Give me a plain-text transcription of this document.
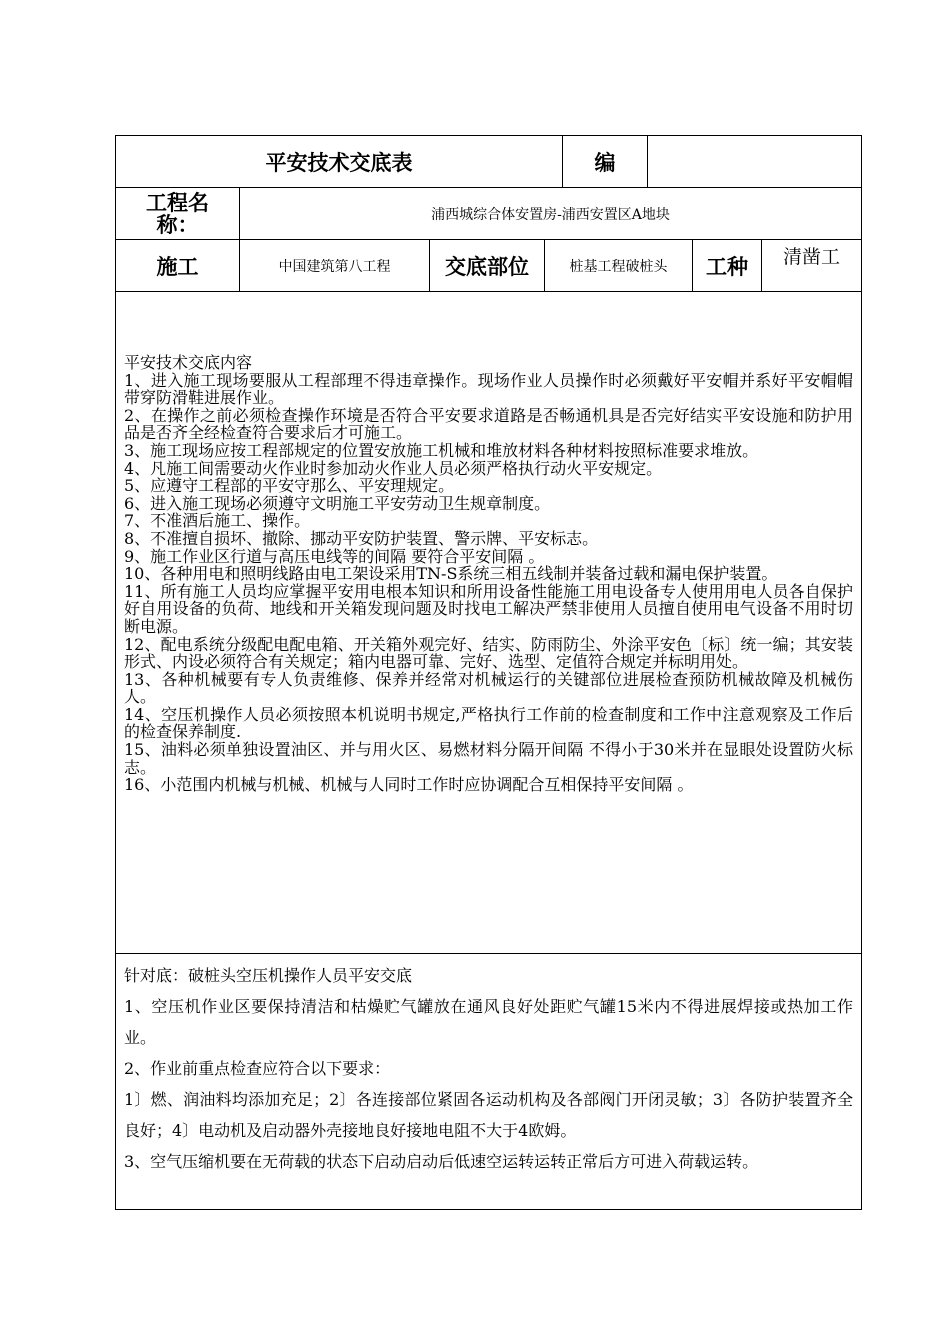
平安技术交底表	编
工程名称：	浦西城综合体安置房-浦西安置区A地块
施工	中国建筑第八工程	交底部位	桩基工程破桩头	工种	清凿工

平安技术交底内容

1、进入施工现场要服从工程部理不得违章操作。现场作业人员操作时必须戴好平安帽并系好平安帽帽带穿防滑鞋进展作业。

2、在操作之前必须检查操作环境是否符合平安要求道路是否畅通机具是否完好结实平安设施和防护用品是否齐全经检查符合要求后才可施工。

3、施工现场应按工程部规定的位置安放施工机械和堆放材料各种材料按照标准要求堆放。

4、凡施工间需要动火作业时参加动火作业人员必须严格执行动火平安规定。

5、应遵守工程部的平安守那么、平安理规定。

6、进入施工现场必须遵守文明施工平安劳动卫生规章制度。

7、不准酒后施工、操作。

8、不准擅自损坏、撤除、挪动平安防护装置、警示牌、平安标志。

9、施工作业区行道与高压电线等的间隔 要符合平安间隔 。

10、各种用电和照明线路由电工架设采用TN-S系统三相五线制并装备过载和漏电保护装置。

11、所有施工人员均应掌握平安用电根本知识和所用设备性能施工用电设备专人使用用电人员各自保护好自用设备的负荷、地线和开关箱发现问题及时找电工解决严禁非使用人员擅自使用电气设备不用时切断电源。

12、配电系统分级配电配电箱、开关箱外观完好、结实、防雨防尘、外涂平安色〔标〕统一编；其安装形式、内设必须符合有关规定；箱内电器可靠、完好、选型、定值符合规定并标明用处。

13、各种机械要有专人负责维修、保养并经常对机械运行的关键部位进展检查预防机械故障及机械伤人。

14、空压机操作人员必须按照本机说明书规定,严格执行工作前的检查制度和工作中注意观察及工作后的检查保养制度.

15、油料必须单独设置油区、并与用火区、易燃材料分隔开间隔 不得小于30米并在显眼处设置防火标志。

16、小范围内机械与机械、机械与人同时工作时应协调配合互相保持平安间隔 。

针对底：破桩头空压机操作人员平安交底

1、空压机作业区要保持清洁和枯燥贮气罐放在通风良好处距贮气罐15米内不得进展焊接或热加工作业。

2、作业前重点检查应符合以下要求：

1〕燃、润油料均添加充足；2〕各连接部位紧固各运动机构及各部阀门开闭灵敏；3〕各防护装置齐全良好；4〕电动机及启动器外壳接地良好接地电阻不大于4欧姆。

3、空气压缩机要在无荷载的状态下启动启动后低速空运转运转正常后方可进入荷载运转。
